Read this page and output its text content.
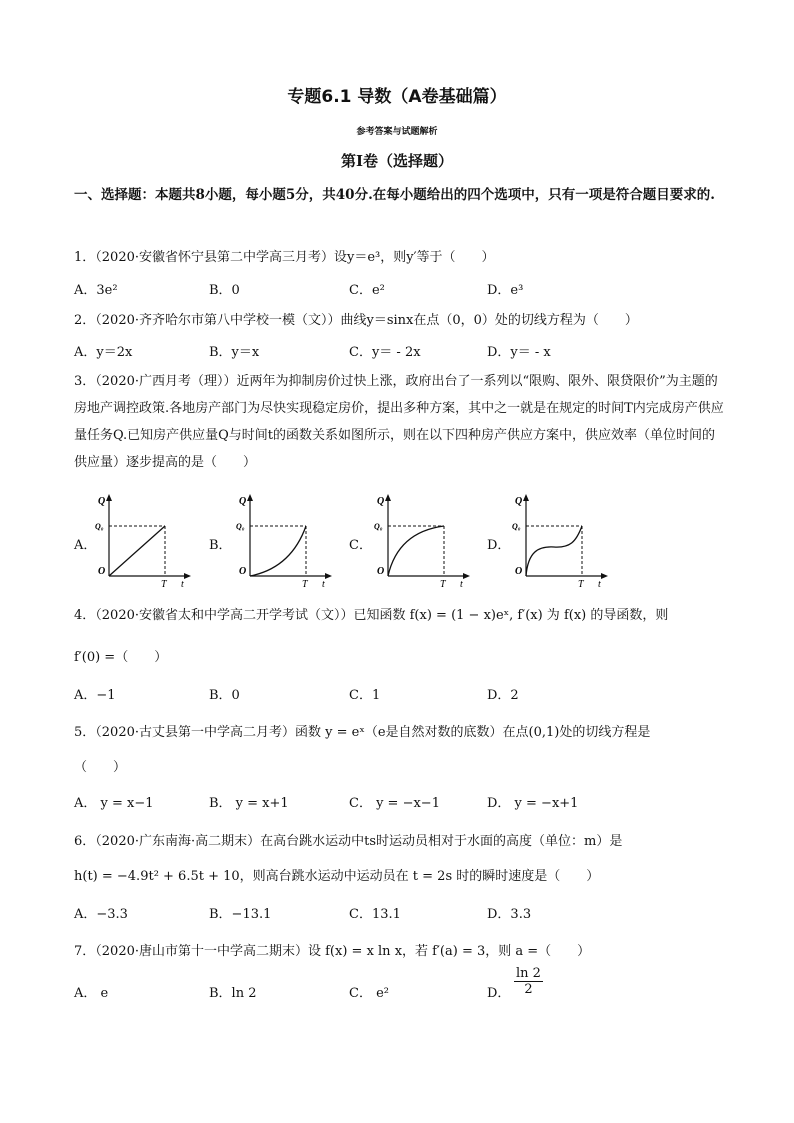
专题6.1 导数（A卷基础篇）
参考答案与试题解析
第Ⅰ卷（选择题）
一、选择题：本题共8小题，每小题5分，共40分.在每小题给出的四个选项中，只有一项是符合题目要求的.
1．（2020·安徽省怀宁县第二中学高三月考）设y＝e³，则y′等于（　　）
A．3e²	B．0	C．e²	D．e³
2．（2020·齐齐哈尔市第八中学校一模（文））曲线y＝sinx在点（0，0）处的切线方程为（　　）
A．y＝2x	B．y＝x	C．y＝ - 2x	D．y＝ - x
3．（2020·广西月考（理））近两年为抑制房价过快上涨，政府出台了一系列以“限购、限外、限贷限价”为主题的房地产调控政策.各地房产部门为尽快实现稳定房价，提出多种方案，其中之一就是在规定的时间T内完成房产供应量任务Q.已知房产供应量Q与时间t的函数关系如图所示，则在以下四种房产供应方案中，供应效率（单位时间的供应量）逐步提高的是（　　）
A．	B．	C．	D．
Q
Q₀
O
T t
Q
Q₀
O
T t
Q
Q₀
O
T t
Q
Q₀
O
T t
4．（2020·安徽省太和中学高二开学考试（文））已知函数 f(x) = (1 − x)eˣ, f′(x) 为 f(x) 的导函数，则
f′(0) =（　　）
A．−1	B．0	C．1	D．2
5．（2020·古丈县第一中学高二月考）函数 y = eˣ（e是自然对数的底数）在点(0,1)处的切线方程是
（　　）
A． y = x−1	B． y = x+1	C． y = −x−1	D． y = −x+1
6．（2020·广东南海·高二期末）在高台跳水运动中ts时运动员相对于水面的高度（单位：m）是
h(t) = −4.9t² + 6.5t + 10，则高台跳水运动中运动员在 t = 2s 时的瞬时速度是（　　）
A．−3.3	B．−13.1	C．13.1	D．3.3
7．（2020·唐山市第十一中学高二期末）设 f(x) = x ln x，若 f′(a) = 3，则 a =（　　）
A． e	B．ln 2	C． e²	D． $\frac{\ln 2}{2}$
